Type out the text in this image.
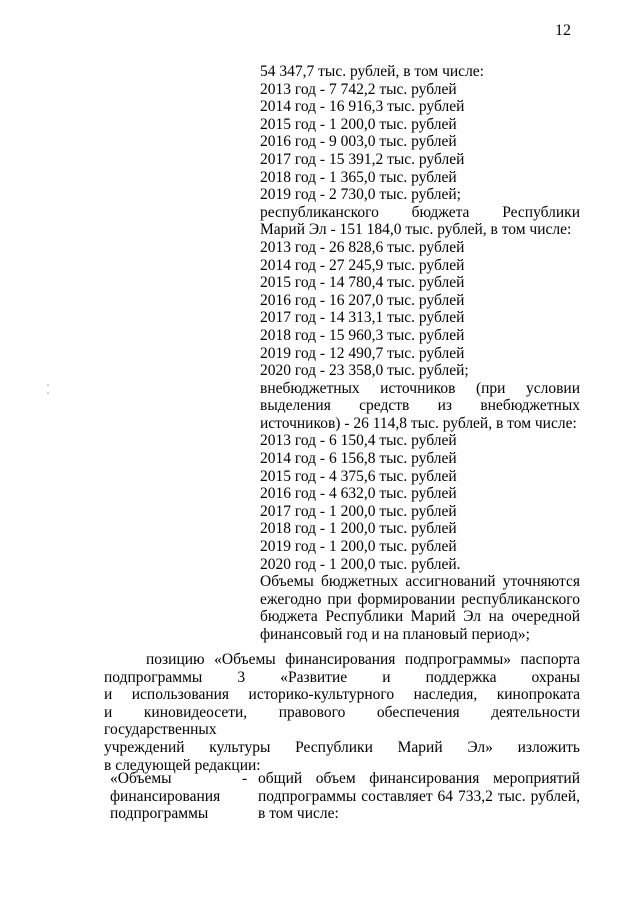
12
54 347,7 тыс. рублей, в том числе:
2013 год - 7 742,2 тыс. рублей
2014 год - 16 916,3 тыс. рублей
2015 год - 1 200,0 тыс. рублей
2016 год - 9 003,0 тыс. рублей
2017 год - 15 391,2 тыс. рублей
2018 год - 1 365,0 тыс. рублей
2019 год - 2 730,0 тыс. рублей;
республиканского бюджета Республики
Марий Эл - 151 184,0 тыс. рублей, в том числе:
2013 год - 26 828,6 тыс. рублей
2014 год - 27 245,9 тыс. рублей
2015 год - 14 780,4 тыс. рублей
2016 год - 16 207,0 тыс. рублей
2017 год - 14 313,1 тыс. рублей
2018 год - 15 960,3 тыс. рублей
2019 год - 12 490,7 тыс. рублей
2020 год - 23 358,0 тыс. рублей;
внебюджетных источников (при условии
выделения средств из внебюджетных
источников) - 26 114,8 тыс. рублей, в том числе:
2013 год - 6 150,4 тыс. рублей
2014 год - 6 156,8 тыс. рублей
2015 год - 4 375,6 тыс. рублей
2016 год - 4 632,0 тыс. рублей
2017 год - 1 200,0 тыс. рублей
2018 год - 1 200,0 тыс. рублей
2019 год - 1 200,0 тыс. рублей
2020 год - 1 200,0 тыс. рублей.
Объемы бюджетных ассигнований уточняются
ежегодно при формировании республиканского
бюджета Республики Марий Эл на очередной
финансовый год и на плановый период»;
позицию «Объемы финансирования подпрограммы» паспорта
подпрограммы 3 «Развитие и поддержка охраны
и использования историко-культурного наследия, кинопроката
и киновидеосети, правового обеспечения деятельности государственных
учреждений культуры Республики Марий Эл» изложить
в следующей редакции:
«Объемы
финансирования
подпрограммы
- общий объем финансирования мероприятий
подпрограммы составляет 64 733,2 тыс. рублей,
в том числе:
